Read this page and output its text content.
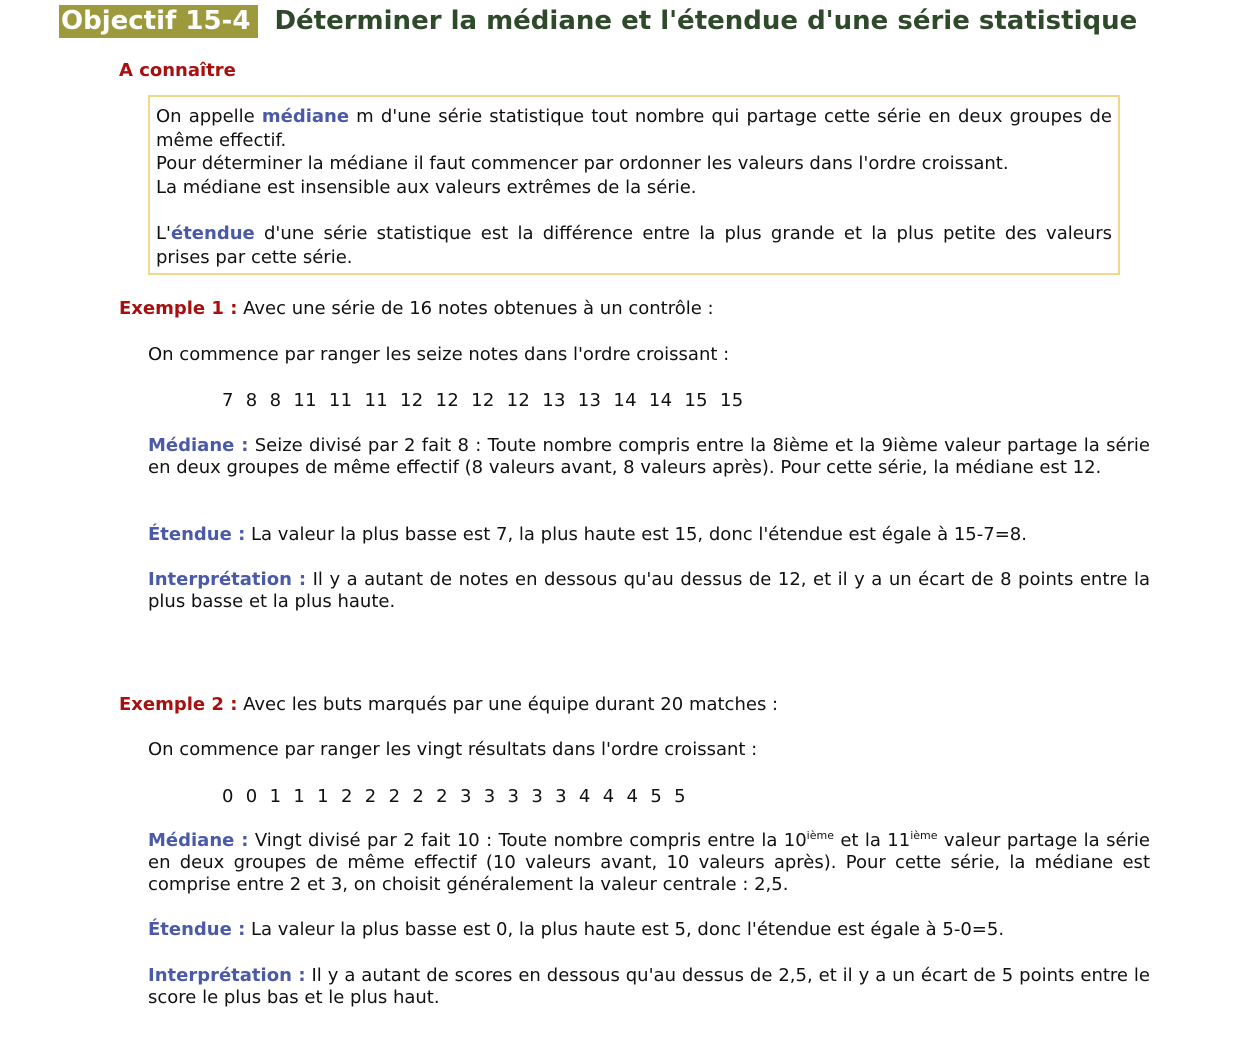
Objectif 15-4 Déterminer la médiane et l'étendue d'une série statistique
A connaître

On appelle médiane m d'une série statistique tout nombre qui partage cette série en deux groupes de même effectif.

Pour déterminer la médiane il faut commencer par ordonner les valeurs dans l'ordre croissant.

La médiane est insensible aux valeurs extrêmes de la série.

L'étendue d'une série statistique est la différence entre la plus grande et la plus petite des valeurs prises par cette série.

Exemple 1 : Avec une série de 16 notes obtenues à un contrôle :
On commence par ranger les seize notes dans l'ordre croissant :
7  8  8  11  11  11  12  12  12  12  13  13  14  14  15  15
Médiane : Seize divisé par 2 fait 8 : Toute nombre compris entre la 8ième et la 9ième valeur partage la série en deux groupes de même effectif (8 valeurs avant, 8 valeurs après). Pour cette série, la médiane est 12.
Étendue : La valeur la plus basse est 7, la plus haute est 15, donc l'étendue est égale à 15-7=8.
Interprétation : Il y a autant de notes en dessous qu'au dessus de 12, et il y a un écart de 8 points entre la plus basse et la plus haute.
Exemple 2 : Avec les buts marqués par une équipe durant 20 matches :
On commence par ranger les vingt résultats dans l'ordre croissant :
0  0  1  1  1  2  2  2  2  2  3  3  3  3  3  4  4  4  5  5
Médiane : Vingt divisé par 2 fait 10 : Toute nombre compris entre la 10ième et la 11ième valeur partage la série en deux groupes de même effectif (10 valeurs avant, 10 valeurs après). Pour cette série, la médiane est comprise entre 2 et 3, on choisit généralement la valeur centrale : 2,5.
Étendue : La valeur la plus basse est 0, la plus haute est 5, donc l'étendue est égale à 5-0=5.
Interprétation : Il y a autant de scores en dessous qu'au dessus de 2,5, et il y a un écart de 5 points entre le score le plus bas et le plus haut.
